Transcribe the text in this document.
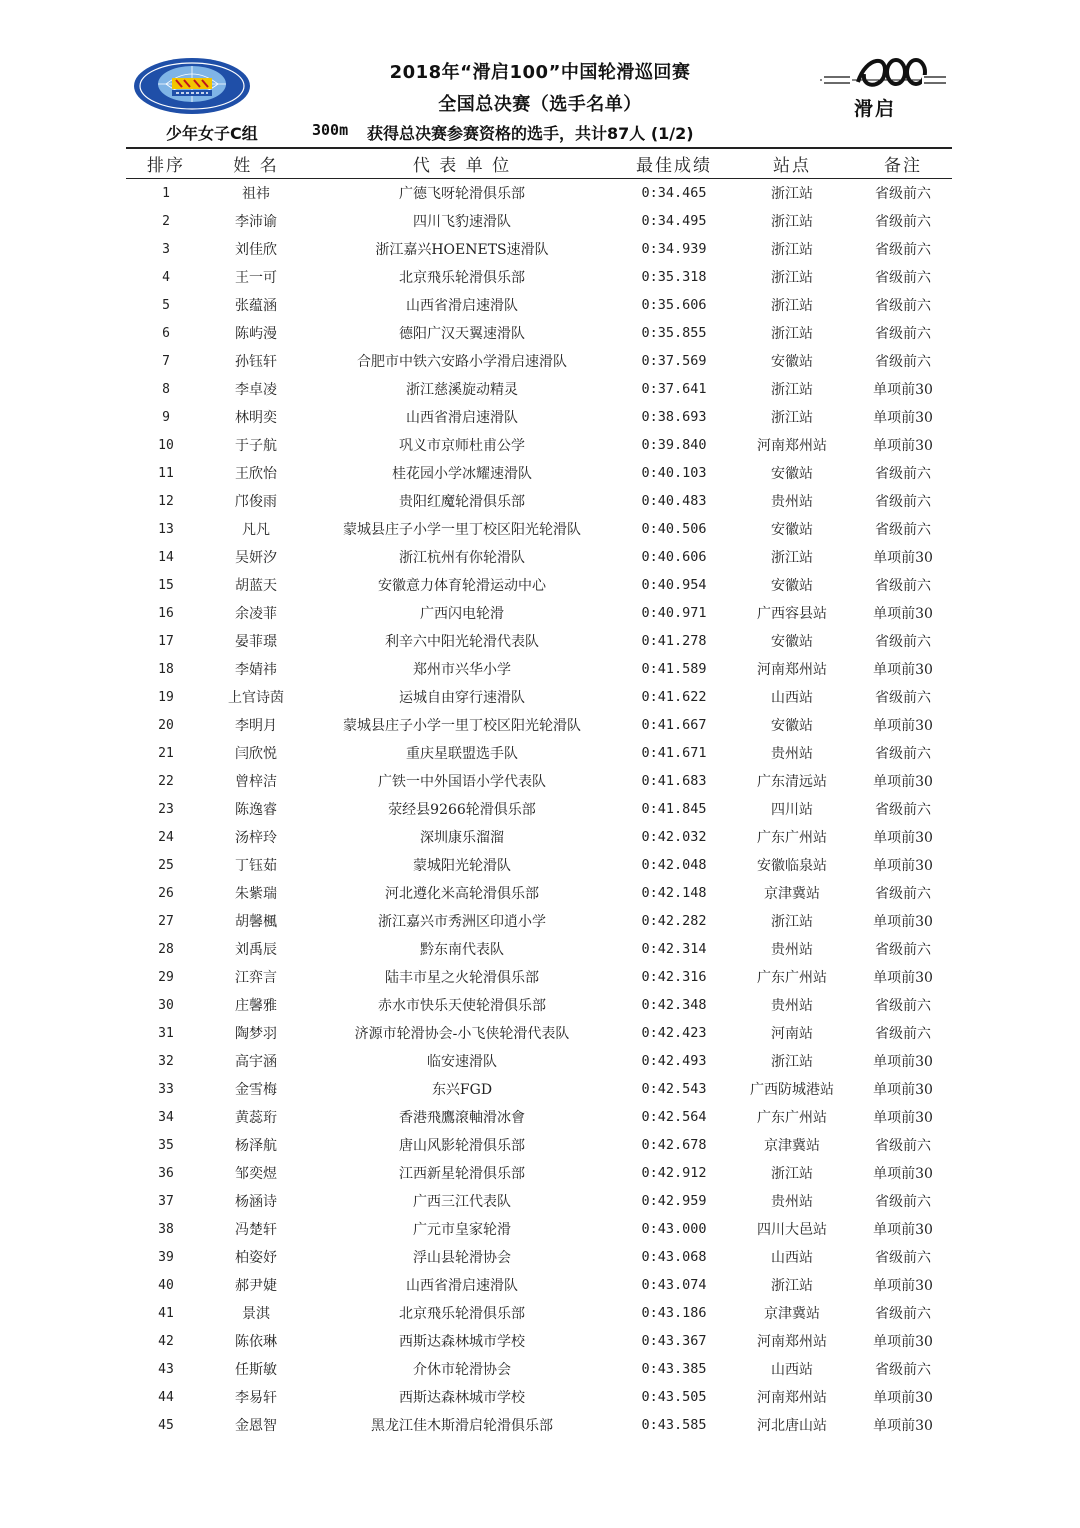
滑启
2018年“滑启100”中国轮滑巡回赛
全国总决赛（选手名单）
少年女子C组	300m 获得总决赛参赛资格的选手，共计87人 (1/2)
排序	姓 名	代 表 单 位	最佳成绩	站点	备注
1	祖祎	广德飞呀轮滑俱乐部	0:34.465	浙江站	省级前六
2	李沛谕	四川飞豹速滑队	0:34.495	浙江站	省级前六
3	刘佳欣	浙江嘉兴HOENETS速滑队	0:34.939	浙江站	省级前六
4	王一可	北京飛乐轮滑俱乐部	0:35.318	浙江站	省级前六
5	张蕴涵	山西省滑启速滑队	0:35.606	浙江站	省级前六
6	陈屿漫	德阳广汉天翼速滑队	0:35.855	浙江站	省级前六
7	孙钰轩	合肥市中铁六安路小学滑启速滑队	0:37.569	安徽站	省级前六
8	李卓凌	浙江慈溪旋动精灵	0:37.641	浙江站	单项前30
9	林明奕	山西省滑启速滑队	0:38.693	浙江站	单项前30
10	于子航	巩义市京师杜甫公学	0:39.840	河南郑州站	单项前30
11	王欣怡	桂花园小学冰耀速滑队	0:40.103	安徽站	省级前六
12	邝俊雨	贵阳红魔轮滑俱乐部	0:40.483	贵州站	省级前六
13	凡凡	蒙城县庄子小学一里丁校区阳光轮滑队	0:40.506	安徽站	省级前六
14	吴妍汐	浙江杭州有你轮滑队	0:40.606	浙江站	单项前30
15	胡蓝天	安徽意力体育轮滑运动中心	0:40.954	安徽站	省级前六
16	余凌菲	广西闪电轮滑	0:40.971	广西容县站	单项前30
17	晏菲璟	利辛六中阳光轮滑代表队	0:41.278	安徽站	省级前六
18	李婧祎	郑州市兴华小学	0:41.589	河南郑州站	单项前30
19	上官诗茵	运城自由穿行速滑队	0:41.622	山西站	省级前六
20	李明月	蒙城县庄子小学一里丁校区阳光轮滑队	0:41.667	安徽站	单项前30
21	闫欣悦	重庆星联盟选手队	0:41.671	贵州站	省级前六
22	曾梓洁	广铁一中外国语小学代表队	0:41.683	广东清远站	单项前30
23	陈逸睿	荥经县9266轮滑俱乐部	0:41.845	四川站	省级前六
24	汤梓玲	深圳康乐溜溜	0:42.032	广东广州站	单项前30
25	丁钰茹	蒙城阳光轮滑队	0:42.048	安徽临泉站	单项前30
26	朱紫瑞	河北遵化米高轮滑俱乐部	0:42.148	京津冀站	省级前六
27	胡馨楓	浙江嘉兴市秀洲区印逍小学	0:42.282	浙江站	单项前30
28	刘禹辰	黔东南代表队	0:42.314	贵州站	省级前六
29	江弈言	陆丰市星之火轮滑俱乐部	0:42.316	广东广州站	单项前30
30	庄馨雅	赤水市快乐天使轮滑俱乐部	0:42.348	贵州站	省级前六
31	陶梦羽	济源市轮滑协会-小飞侠轮滑代表队	0:42.423	河南站	省级前六
32	高宇涵	临安速滑队	0:42.493	浙江站	单项前30
33	金雪梅	东兴FGD	0:42.543	广西防城港站	单项前30
34	黄蕊珩	香港飛鷹滾軸滑冰會	0:42.564	广东广州站	单项前30
35	杨泽航	唐山风影轮滑俱乐部	0:42.678	京津冀站	省级前六
36	邹奕煜	江西新星轮滑俱乐部	0:42.912	浙江站	单项前30
37	杨涵诗	广西三江代表队	0:42.959	贵州站	省级前六
38	冯楚轩	广元市皇家轮滑	0:43.000	四川大邑站	单项前30
39	柏姿妤	浮山县轮滑协会	0:43.068	山西站	省级前六
40	郝尹婕	山西省滑启速滑队	0:43.074	浙江站	单项前30
41	景淇	北京飛乐轮滑俱乐部	0:43.186	京津冀站	省级前六
42	陈依琳	西斯达森林城市学校	0:43.367	河南郑州站	单项前30
43	任斯敏	介休市轮滑协会	0:43.385	山西站	省级前六
44	李易轩	西斯达森林城市学校	0:43.505	河南郑州站	单项前30
45	金恩智	黑龙江佳木斯滑启轮滑俱乐部	0:43.585	河北唐山站	单项前30
